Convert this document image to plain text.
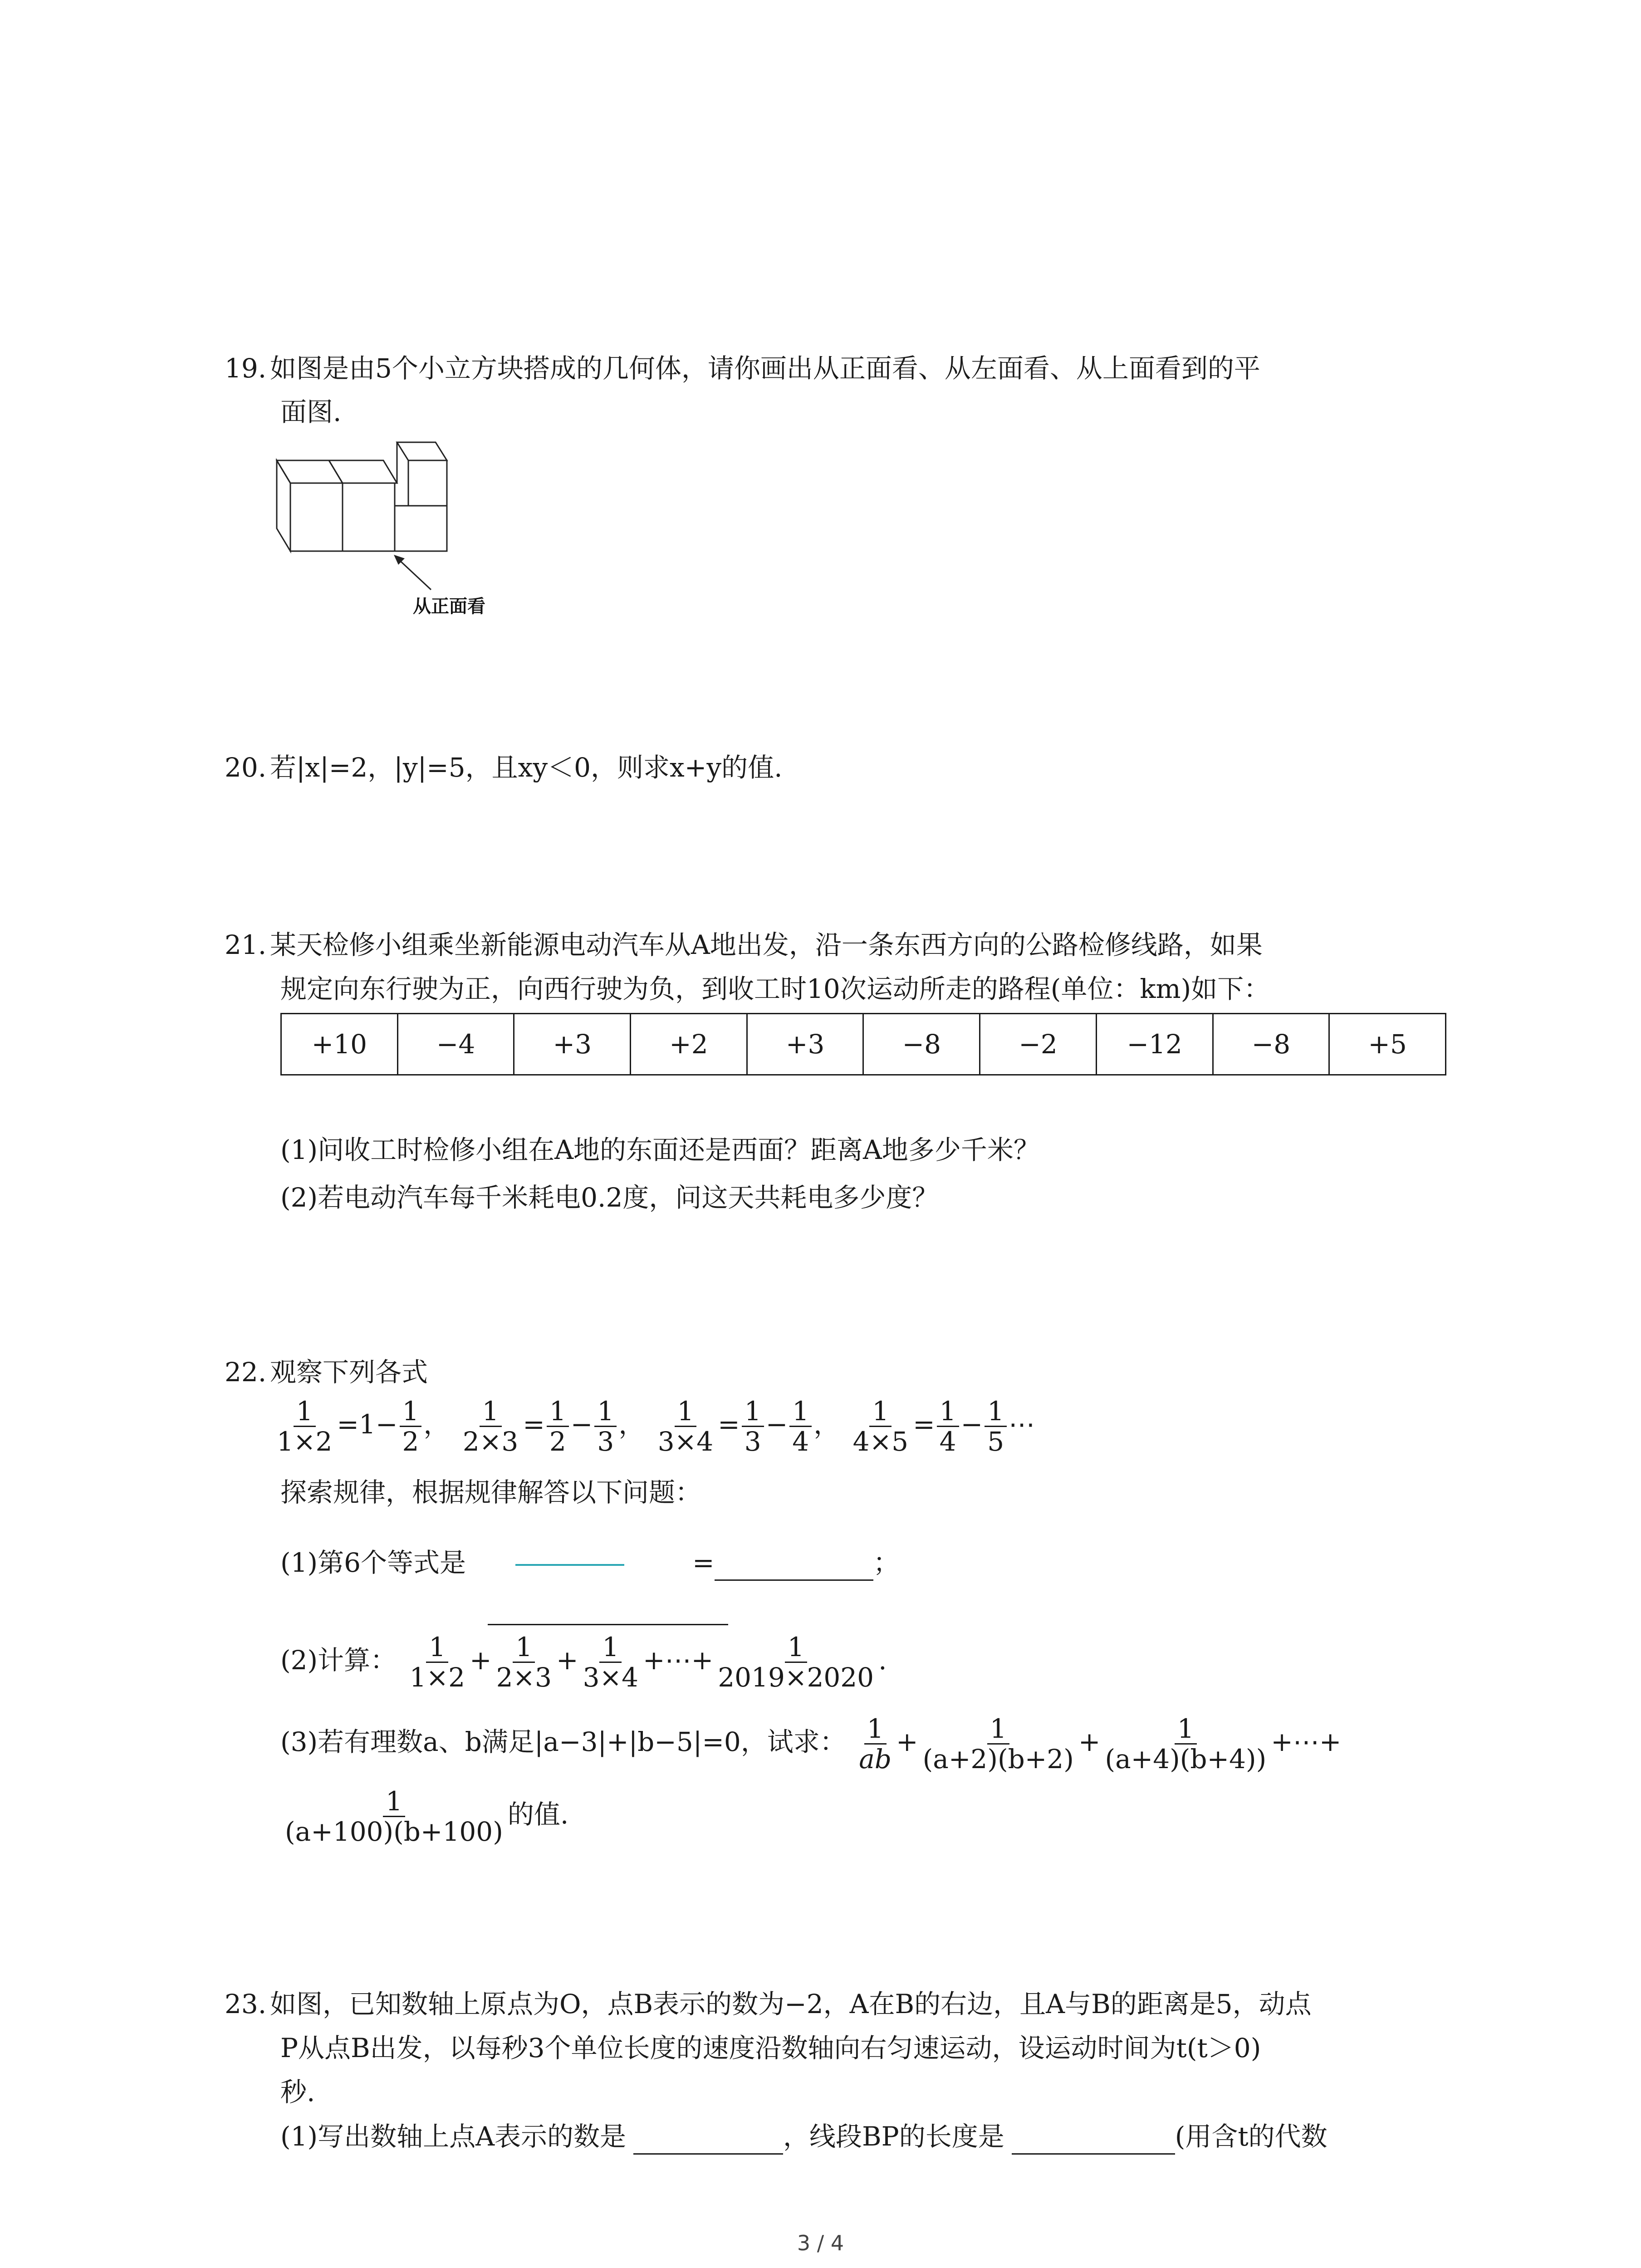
19. 如图是由5个小立方块搭成的几何体，请你画出从正面看、从左面看、从上面看到的平
面图.
从正面看
20. 若|x|=2，|y|=5，且xy＜0，则求x+y的值.
21. 某天检修小组乘坐新能源电动汽车从A地出发，沿一条东西方向的公路检修线路，如果
规定向东行驶为正，向西行驶为负，到收工时10次运动所走的路程(单位：km)如下：
+10	−4	+3	+2	+3	−8	−2	−12	−8	+5
(1)问收工时检修小组在A地的东面还是西面？距离A地多少千米？
(2)若电动汽车每千米耗电0.2度，问这天共耗电多少度？
22. 观察下列各式
$\frac{1}{1\times 2} =1- \frac{1}{2}$ ， $\frac{1}{2\times 3} = \frac{1}{2} - \frac{1}{3}$ ， $\frac{1}{3\times 4} = \frac{1}{3} - \frac{1}{4}$ ， $\frac{1}{4\times 5} = \frac{1}{4} - \frac{1}{5}$ ⋯
探索规律，根据规律解答以下问题：
(1)第6个等式是	=	；
(2)计算： $\frac{1}{1\times 2} + \frac{1}{2\times 3} + \frac{1}{3\times 4}$ +⋯+ $\frac{1}{2019\times 2020}$ .
(3)若有理数a、b满足|a−3|+|b−5|=0，试求： $\frac{1}{ab} + \frac{1}{(a+2)(b+2)} + \frac{1}{(a+4)(b+4))}$ +⋯+
$\frac{1}{(a+100)(b+100)}$ 的值.
23. 如图，已知数轴上原点为O，点B表示的数为−2，A在B的右边，且A与B的距离是5，动点
P从点B出发，以每秒3个单位长度的速度沿数轴向右匀速运动，设运动时间为t(t＞0)
秒.
(1)写出数轴上点A表示的数是	，线段BP的长度是	(用含t的代数
3 / 4
